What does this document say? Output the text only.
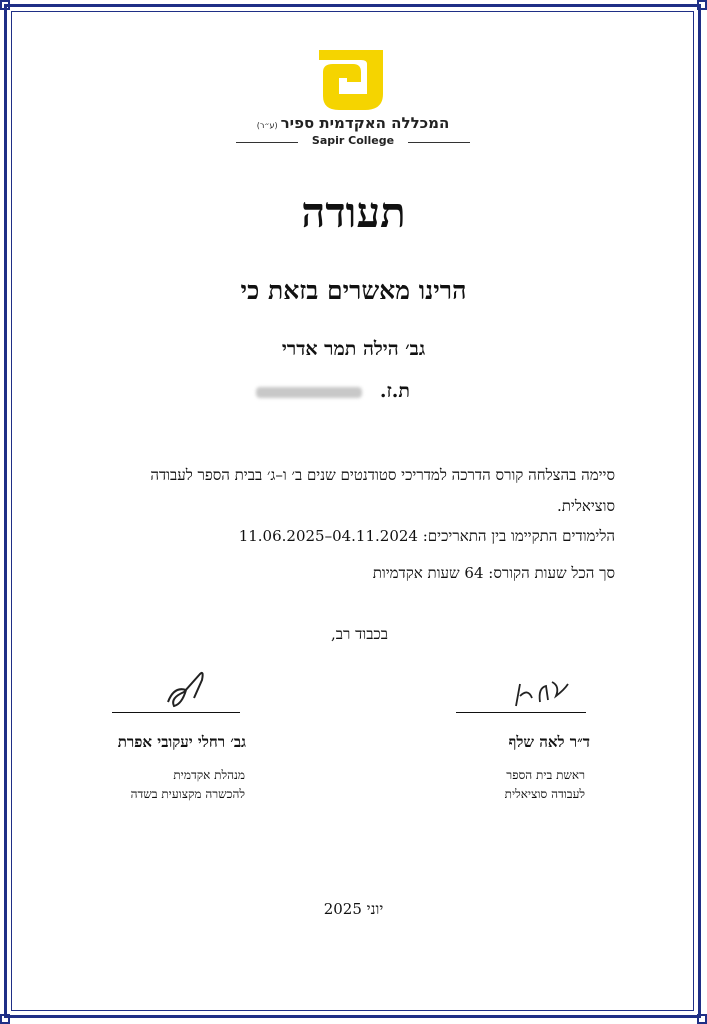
המכללה האקדמית ספיר(ע״ר)
Sapir College
תעודה
הרינו מאשרים בזאת כי
גב׳ הילה תמר אדרי
ת.ז.
סיימה בהצלחה קורס הדרכה למדריכי סטודנטים שנים ב׳ ו–ג׳ בבית הספר לעבודה סוציאלית.
הלימודים התקיימו בין התאריכים: 04.11.2024–11.06.2025
סך הכל שעות הקורס: 64 שעות אקדמיות
בכבוד רב,
גב׳ רחלי יעקובי אפרת
מנהלת אקדמית
להכשרה מקצועית בשדה
ד״ר לאה שלף
ראשת בית הספר
לעבודה סוציאלית
יוני 2025
